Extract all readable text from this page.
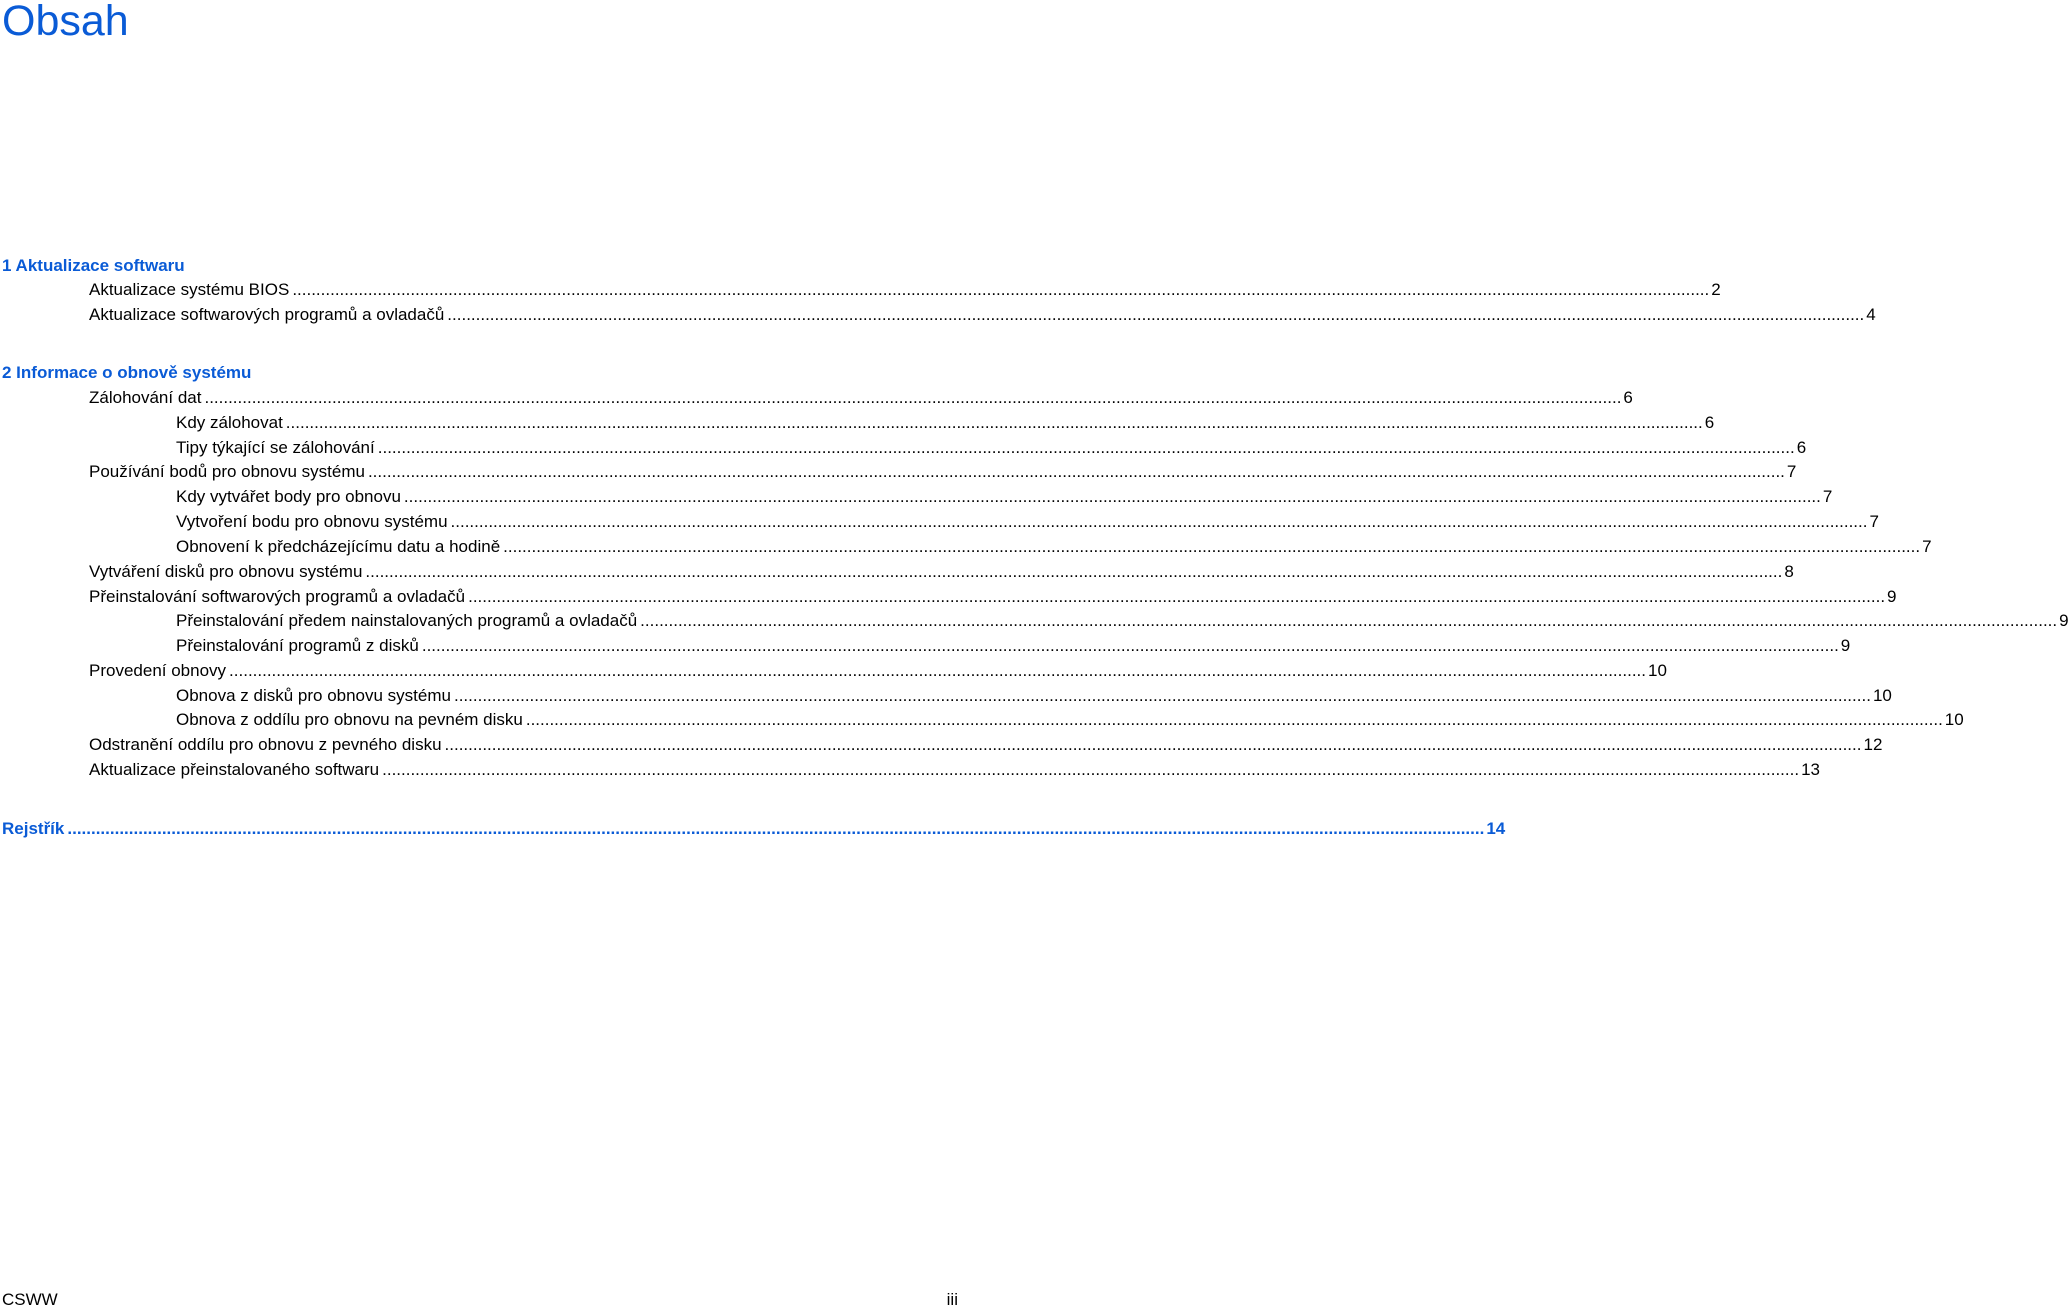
Obsah
1 Aktualizace softwaru
Aktualizace systému BIOS ............................................................................................................................................................................................................................................................................................................ 2
Aktualizace softwarových programů a ovladačů ............................................................................................................................................................................................................................................................................................................ 4
2 Informace o obnově systému
Zálohování dat ............................................................................................................................................................................................................................................................................................................ 6
Kdy zálohovat ............................................................................................................................................................................................................................................................................................................ 6
Tipy týkající se zálohování ............................................................................................................................................................................................................................................................................................................ 6
Používání bodů pro obnovu systému ............................................................................................................................................................................................................................................................................................................ 7
Kdy vytvářet body pro obnovu ............................................................................................................................................................................................................................................................................................................ 7
Vytvoření bodu pro obnovu systému ............................................................................................................................................................................................................................................................................................................ 7
Obnovení k předcházejícímu datu a hodině ............................................................................................................................................................................................................................................................................................................ 7
Vytváření disků pro obnovu systému ............................................................................................................................................................................................................................................................................................................ 8
Přeinstalování softwarových programů a ovladačů ............................................................................................................................................................................................................................................................................................................ 9
Přeinstalování předem nainstalovaných programů a ovladačů ............................................................................................................................................................................................................................................................................................................ 9
Přeinstalování programů z disků ............................................................................................................................................................................................................................................................................................................ 9
Provedení obnovy ............................................................................................................................................................................................................................................................................................................ 10
Obnova z disků pro obnovu systému ............................................................................................................................................................................................................................................................................................................ 10
Obnova z oddílu pro obnovu na pevném disku ............................................................................................................................................................................................................................................................................................................ 10
Odstranění oddílu pro obnovu z pevného disku ............................................................................................................................................................................................................................................................................................................ 12
Aktualizace přeinstalovaného softwaru ............................................................................................................................................................................................................................................................................................................ 13
Rejstřík ............................................................................................................................................................................................................................................................................................................ 14
CSWW	iii
